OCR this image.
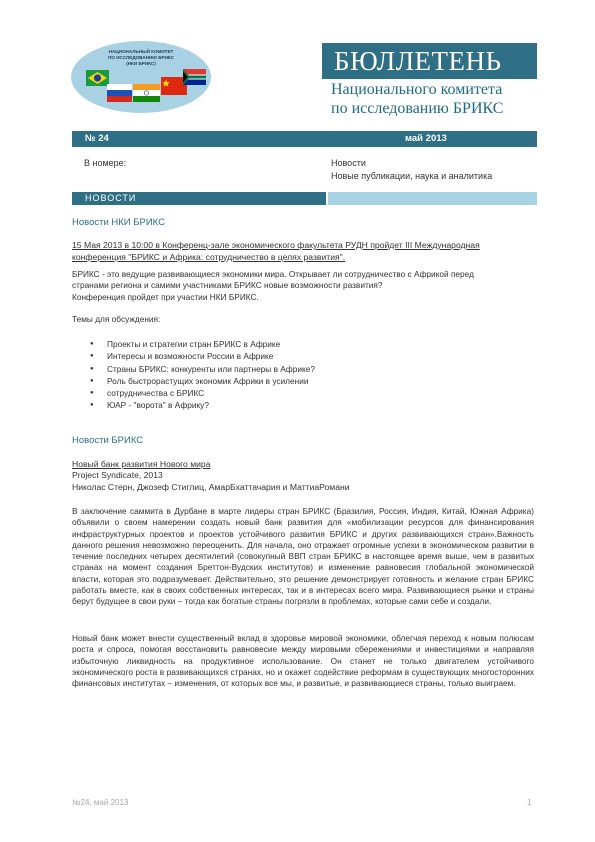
НАЦИОНАЛЬНЫЙ КОМИТЕТ
ПО ИССЛЕДОВАНИЮ БРИКС
(НКИ БРИКС)	БЮЛЛЕТЕНЬ
Национального комитета
по исследованию БРИКС
№ 24	май 2013
В номере:	Новости
Новые публикации, наука и аналитика
НОВОСТИ
Новости НКИ БРИКС
15 Мая 2013 в 10:00 в Конференц-зале экономического факультета РУДН пройдет III Международная
конференция "БРИКС и Африка: сотрудничество в целях развития".
БРИКС - это ведущие развивающиеся экономики мира. Открывает ли сотрудничество с Африкой перед
странами региона и самими участниками БРИКС новые возможности развития?
Конференция пройдет при участии НКИ БРИКС.
Темы для обсуждения:
● Проекты и стратегии стран БРИКС в Африке
● Интересы и возможности России в Африке
● Страны БРИКС: конкуренты или партнеры в Африке?
● Роль быстрорастущих экономик Африки в усилении
● сотрудничества с БРИКС
● ЮАР - "ворота" в Африку?
Новости БРИКС
Новый банк развития Нового мира
Project Syndicate, 2013
Николас Стерн, Джозеф Стиглиц, АмарБхаттачария и МаттиаРомани
В заключение саммита в Дурбане в марте лидеры стран БРИКС (Бразилия, Россия, Индия, Китай, Южная Африка) объявили о своем намерении создать новый банк развития для «мобилизации ресурсов для финансирования инфраструктурных проектов и проектов устойчивого развития БРИКС и других развивающихся стран».Важность данного решения невозможно переоценить. Для начала, оно отражает огромные успехи в экономическом развитии в течение последних четырех десятилетий (совокупный ВВП стран БРИКС в настоящее время выше, чем в развитых странах на момент создания Бреттон-Вудских институтов) и изменение равновесия глобальной экономической власти, которая это подразумевает. Действительно, это решение демонстрирует готовность и желание стран БРИКС работать вместе, как в своих собственных интересах, так и в интересах всего мира. Развивающиеся рынки и страны берут будущее в свои руки – тогда как богатые страны погрязли в проблемах, которые сами себе и создали.
Новый банк может внести существенный вклад в здоровье мировой экономики, облегчая переход к новым полюсам роста и спроса, помогая восстановить равновесие между мировыми сбережениями и инвестициями и направляя избыточную ликвидность на продуктивное использование. Он станет не только двигателем устойчивого экономического роста в развивающихся странах, но и окажет содействие реформам в существующих многосторонних финансовых институтах – изменения, от которых все мы, и развитые, и развивающиеся страны, только выиграем.
№24, май 2013	1
